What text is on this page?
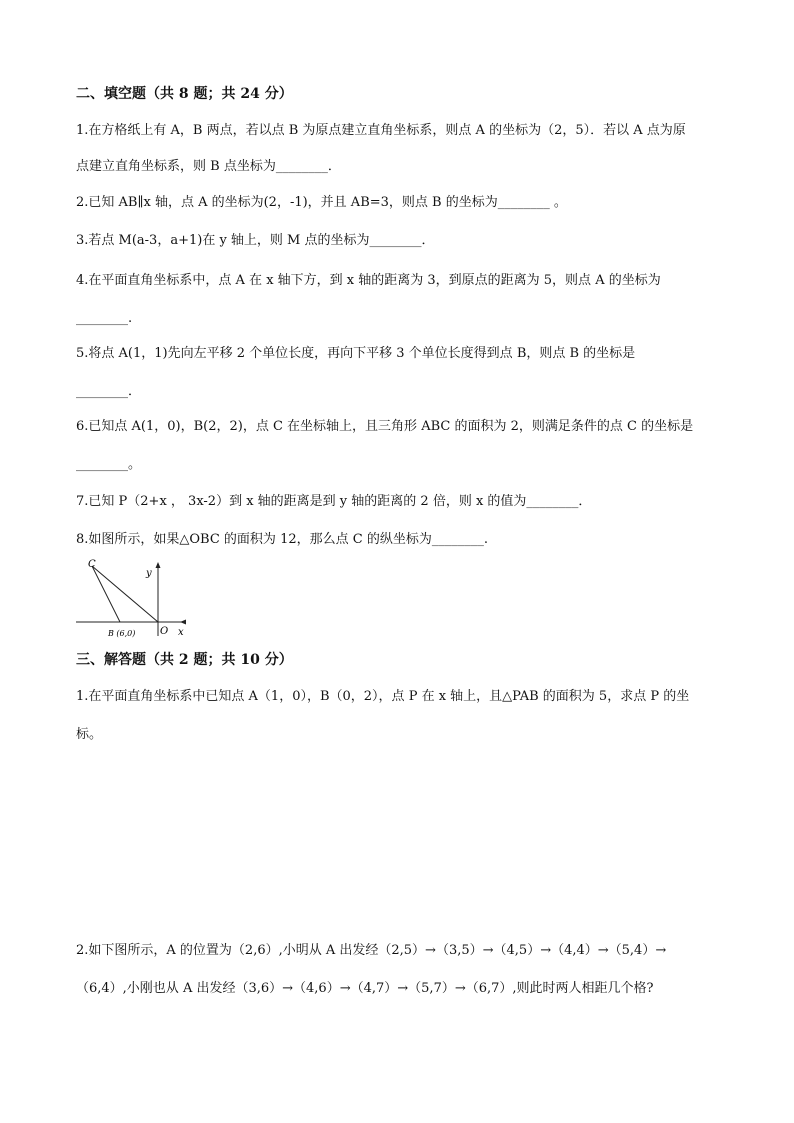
二、填空题（共 8 题；共 24 分）
1.在方格纸上有 A，B 两点，若以点 B 为原点建立直角坐标系，则点 A 的坐标为（2，5）．若以 A 点为原
点建立直角坐标系，则 B 点坐标为________．
2.已知 AB∥x 轴，点 A 的坐标为(2，-1)，并且 AB=3，则点 B 的坐标为________ 。
3.若点 M(a-3，a+1)在 y 轴上，则 M 点的坐标为________．
4.在平面直角坐标系中，点 A 在 x 轴下方，到 x 轴的距离为 3，到原点的距离为 5，则点 A 的坐标为
________.
5.将点 A(1，1)先向左平移 2 个单位长度，再向下平移 3 个单位长度得到点 B，则点 B 的坐标是
________．
6.已知点 A(1，0)，B(2，2)，点 C 在坐标轴上，且三角形 ABC 的面积为 2，则满足条件的点 C 的坐标是
________。
7.已知 P（2+x ， 3x-2）到 x 轴的距离是到 y 轴的距离的 2 倍，则 x 的值为________．
8.如图所示，如果△OBC 的面积为 12，那么点 C 的纵坐标为________.
C
y
B (6,0) O x
三、解答题（共 2 题；共 10 分）
1.在平面直角坐标系中已知点 A（1，0），B（0，2），点 P 在 x 轴上，且△PAB 的面积为 5，求点 P 的坐
标。
2.如下图所示，A 的位置为（2,6）,小明从 A 出发经（2,5）→（3,5）→（4,5）→（4,4）→（5,4）→
（6,4）,小刚也从 A 出发经（3,6）→（4,6）→（4,7）→（5,7）→（6,7）,则此时两人相距几个格?
